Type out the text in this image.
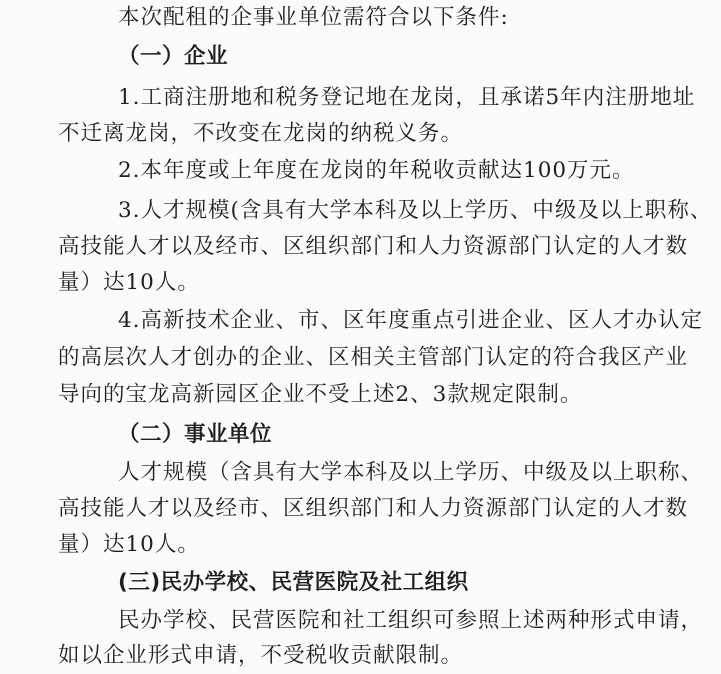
本次配租的企事业单位需符合以下条件:
（一）企业
1.工商注册地和税务登记地在龙岗，且承诺5年内注册地址
不迁离龙岗，不改变在龙岗的纳税义务。
2.本年度或上年度在龙岗的年税收贡献达100万元。
3.人才规模(含具有大学本科及以上学历、中级及以上职称、
高技能人才以及经市、区组织部门和人力资源部门认定的人才数
量）达10人。
4.高新技术企业、市、区年度重点引进企业、区人才办认定
的高层次人才创办的企业、区相关主管部门认定的符合我区产业
导向的宝龙高新园区企业不受上述2、3款规定限制。
（二）事业单位
人才规模（含具有大学本科及以上学历、中级及以上职称、
高技能人才以及经市、区组织部门和人力资源部门认定的人才数
量）达10人。
(三)民办学校、民营医院及社工组织
民办学校、民营医院和社工组织可参照上述两种形式申请，
如以企业形式申请，不受税收贡献限制。
